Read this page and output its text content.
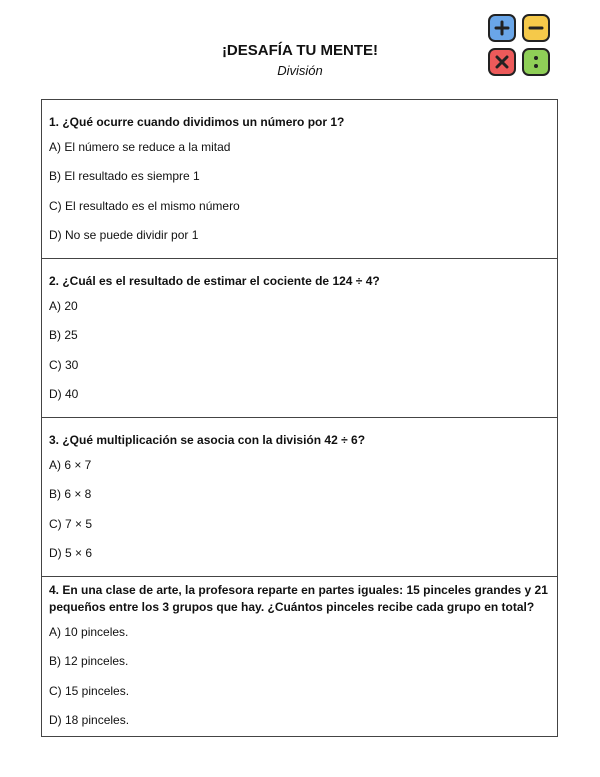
¡DESAFÍA TU MENTE!
División
1. ¿Qué ocurre cuando dividimos un número por 1?
A) El número se reduce a la mitad
B) El resultado es siempre 1
C) El resultado es el mismo número
D) No se puede dividir por 1
2. ¿Cuál es el resultado de estimar el cociente de 124 ÷ 4?
A) 20
B) 25
C) 30
D) 40
3. ¿Qué multiplicación se asocia con la división 42 ÷ 6?
A) 6 × 7
B) 6 × 8
C) 7 × 5
D) 5 × 6
4. En una clase de arte, la profesora reparte en partes iguales: 15 pinceles grandes y 21 pequeños entre los 3 grupos que hay. ¿Cuántos pinceles recibe cada grupo en total?
A) 10 pinceles.
B) 12 pinceles.
C) 15 pinceles.
D) 18 pinceles.
